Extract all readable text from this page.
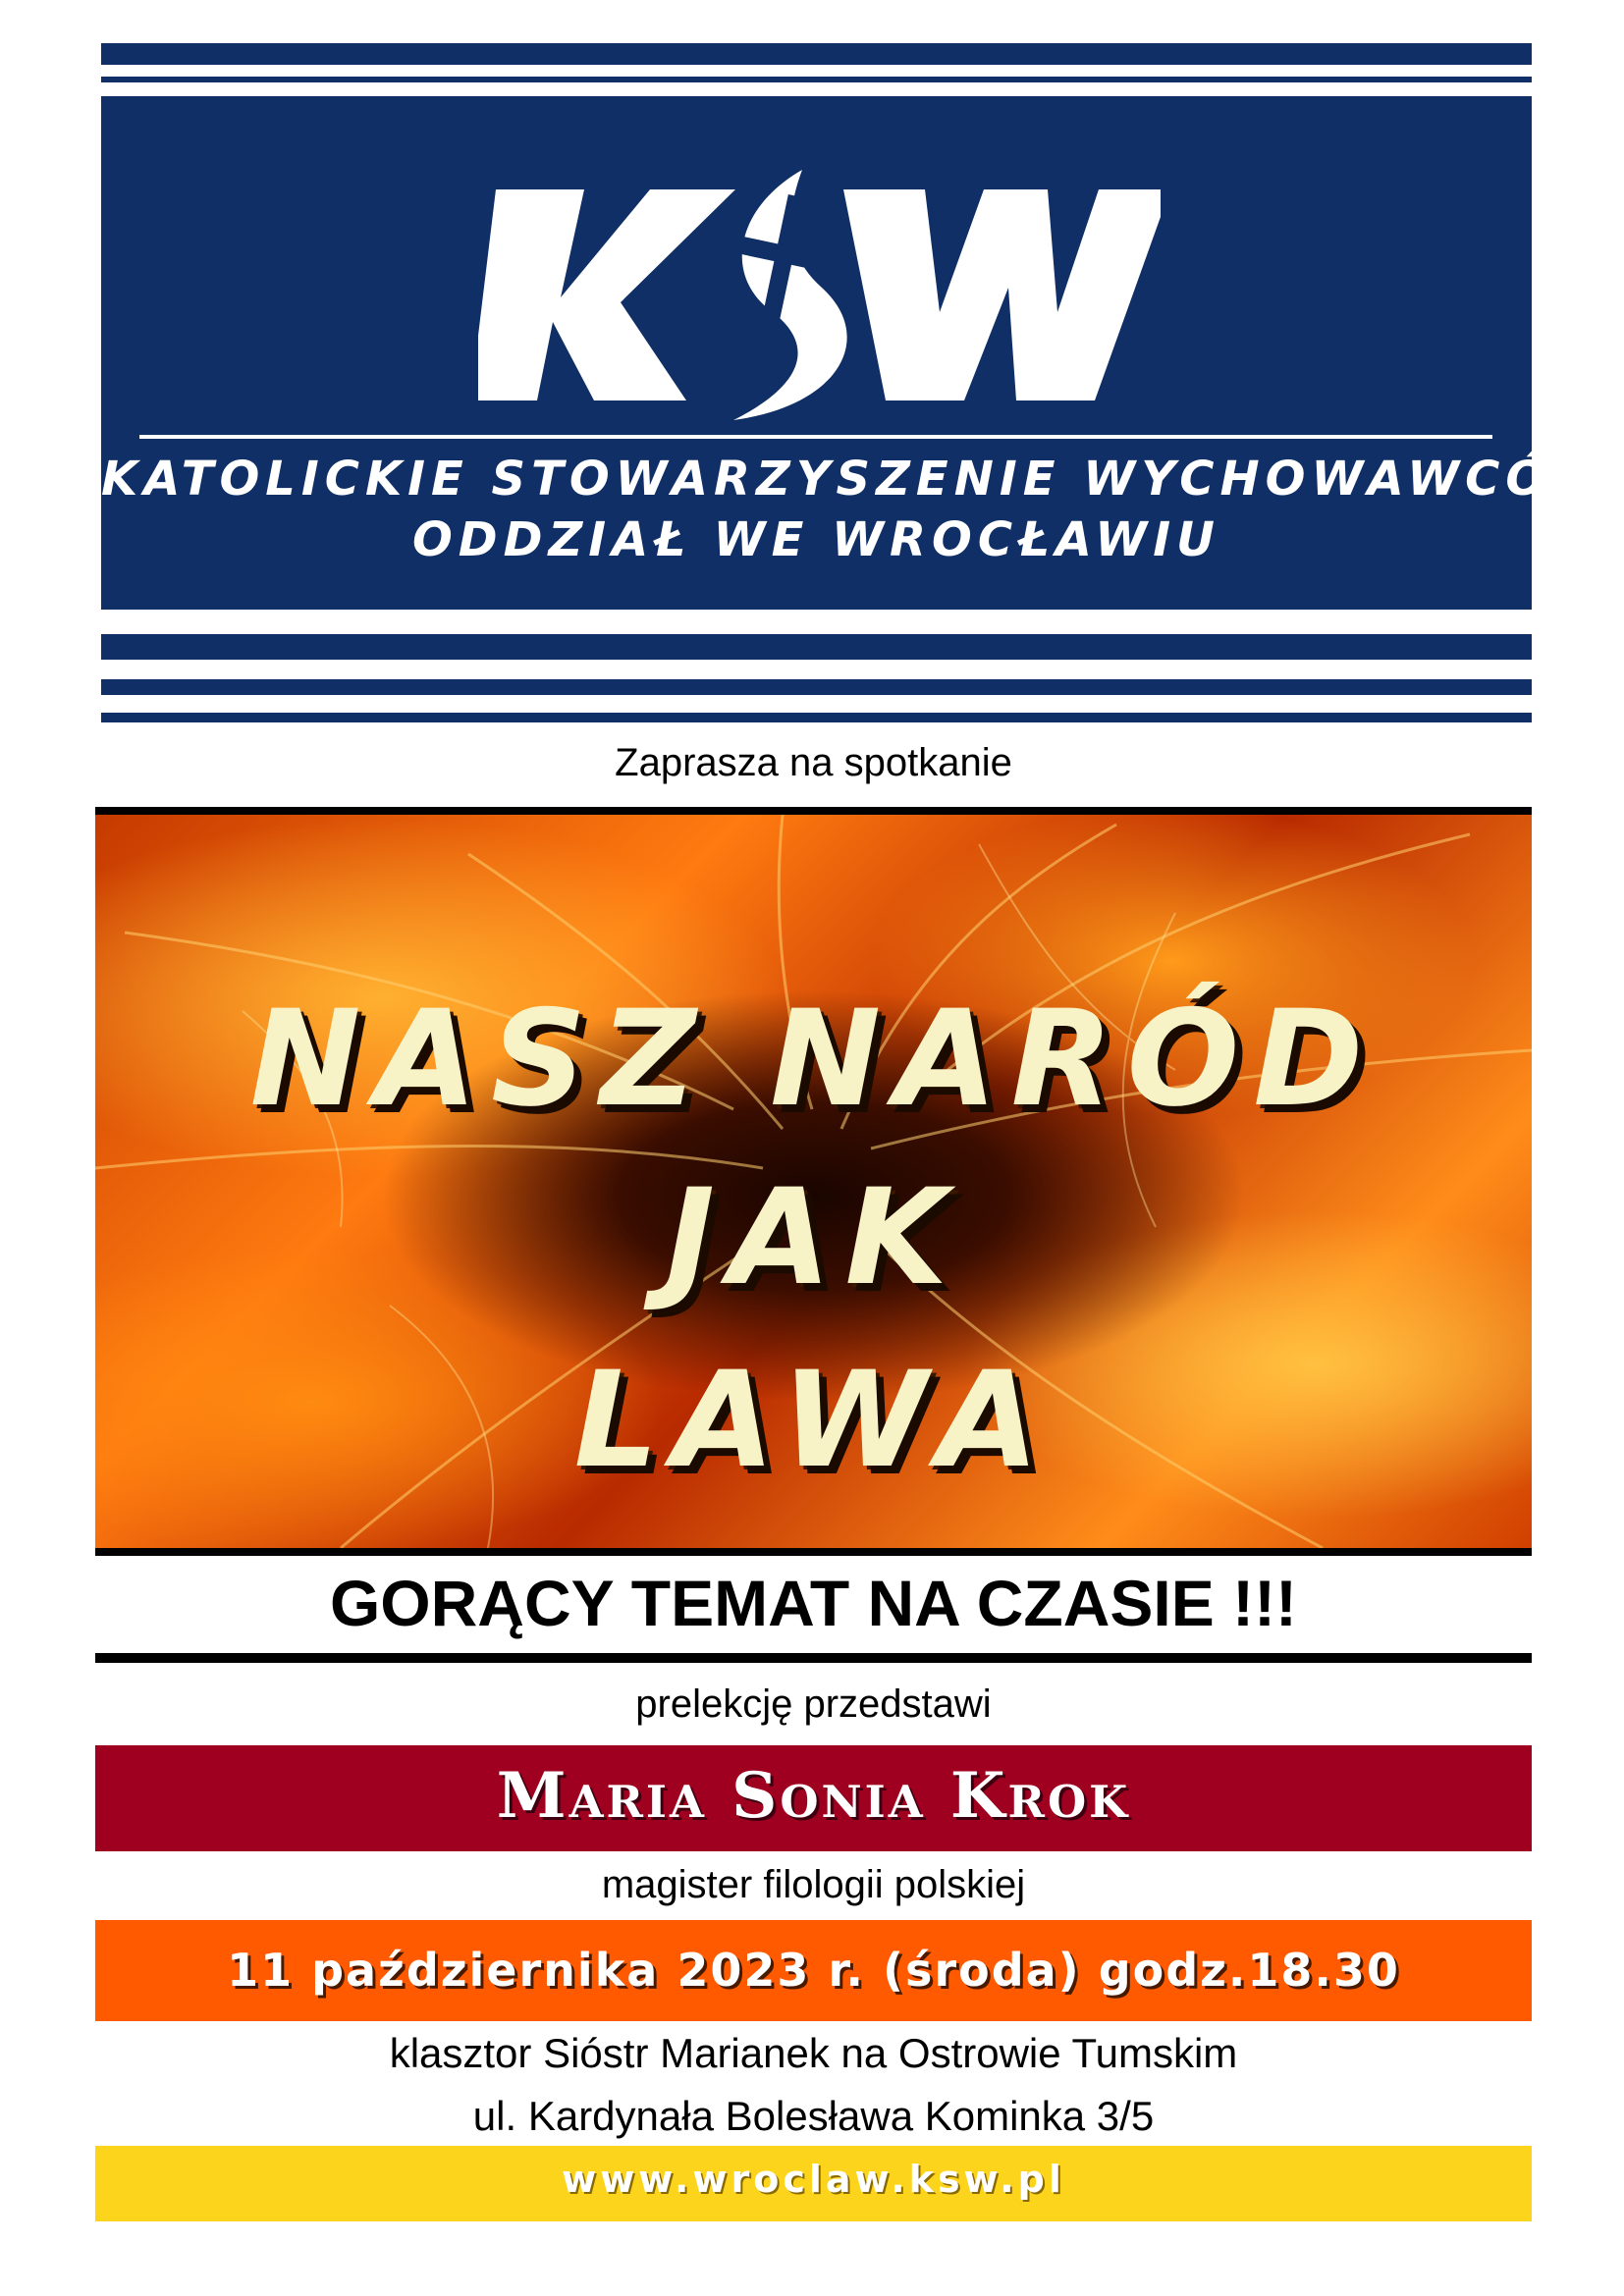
KATOLICKIE STOWARZYSZENIE WYCHOWAWCÓW
ODDZIAŁ WE WROCŁAWIU
Zaprasza na spotkanie
NASZ NARÓD
JAK
LAWA
GORĄCY TEMAT NA CZASIE !!!
prelekcję przedstawi
Maria Sonia Krok
magister filologii polskiej
11 października 2023 r. (środa) godz.18.30
klasztor Sióstr Marianek na Ostrowie Tumskim
ul. Kardynała Bolesława Kominka 3/5
www.wroclaw.ksw.pl
